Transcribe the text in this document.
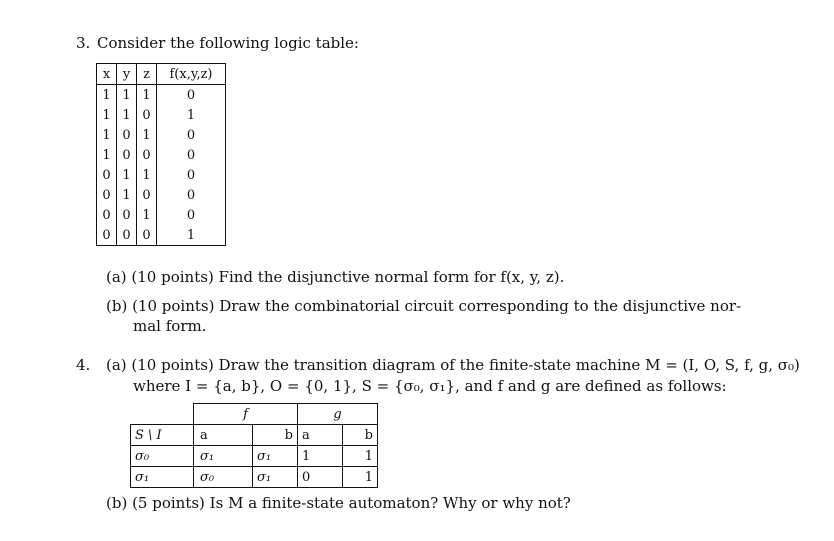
3. Consider the following logic table:
x	y	z	f(x,y,z)
1	1	1	0
1	1	0	1
1	0	1	0
1	0	0	0
0	1	1	0
0	1	0	0
0	0	1	0
0	0	0	1
(a) (10 points) Find the disjunctive normal form for f(x, y, z).
(b) (10 points) Draw the combinatorial circuit corresponding to the disjunctive nor-
mal form.
4. (a) (10 points) Draw the transition diagram of the finite-state machine M = (I, O, S, f, g, σ₀)
where I = {a, b}, O = {0, 1}, S = {σ₀, σ₁}, and f and g are defined as follows:
	f		g	
S \ I	a	b	a	b
σ₀	σ₁	σ₁	1	1
σ₁	σ₀	σ₁	0	1
(b) (5 points) Is M a finite-state automaton? Why or why not?
